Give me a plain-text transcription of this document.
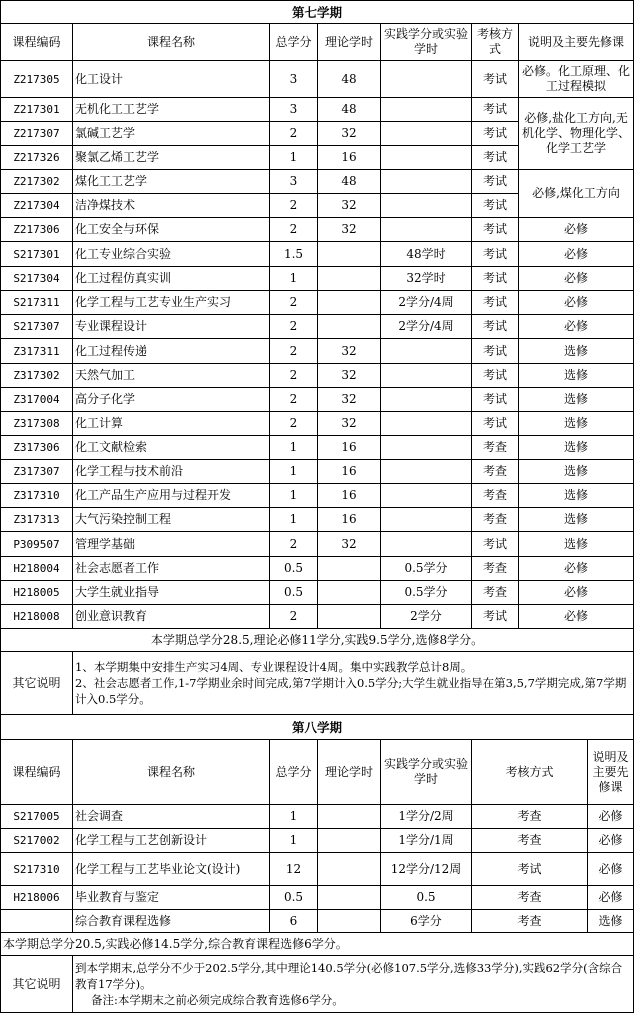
第七学期							
课程编码	课程名称	总学分	理论学时	实践学分或实验学时	考核方式	说明及主要先修课	
Z217305	化工设计	3	48		考试	必修。化工原理、化工过程模拟	
Z217301	无机化工工艺学	3	48		考试	必修,盐化工方向,无机化学、物理化学、化学工艺学	
Z217307	氯碱工艺学	2	32		考试		
Z217326	聚氯乙烯工艺学	1	16		考试		
Z217302	煤化工工艺学	3	48		考试	必修,煤化工方向	
Z217304	洁净煤技术	2	32		考试		
Z217306	化工安全与环保	2	32		考试	必修	
S217301	化工专业综合实验	1.5		48学时	考试	必修	
S217304	化工过程仿真实训	1		32学时	考试	必修	
S217311	化学工程与工艺专业生产实习	2		2学分/4周	考试	必修	
S217307	专业课程设计	2		2学分/4周	考试	必修	
Z317311	化工过程传递	2	32		考试	选修	
Z317302	天然气加工	2	32		考试	选修	
Z317004	高分子化学	2	32		考试	选修	
Z317308	化工计算	2	32		考试	选修	
Z317306	化工文献检索	1	16		考查	选修	
Z317307	化学工程与技术前沿	1	16		考查	选修	
Z317310	化工产品生产应用与过程开发	1	16		考查	选修	
Z317313	大气污染控制工程	1	16		考查	选修	
P309507	管理学基础	2	32		考试	选修	
H218004	社会志愿者工作	0.5		0.5学分	考查	必修	
H218005	大学生就业指导	0.5		0.5学分	考查	必修	
H218008	创业意识教育	2		2学分	考试	必修	
本学期总学分28.5,理论必修11学分,实践9.5学分,选修8学分。							
其它说明	1、本学期集中安排生产实习4周、专业课程设计4周。集中实践教学总计8周。
2、社会志愿者工作,1-7学期业余时间完成,第7学期计入0.5学分;大学生就业指导在第3,5,7学期完成,第7学期计入0.5学分。						

第八学期							
课程编码	课程名称	总学分	理论学时	实践学分或实验学时	考核方式		说明及主要先修课
S217005	社会调查	1		1学分/2周	考查		必修
S217002	化学工程与工艺创新设计	1		1学分/1周	考查		必修
S217310	化学工程与工艺毕业论文(设计)	12		12学分/12周	考试		必修
H218006	毕业教育与鉴定	0.5		0.5	考查		必修
	综合教育课程选修	6		6学分	考查		选修
本学期总学分20.5,实践必修14.5学分,综合教育课程选修6学分。							
其它说明	到本学期末,总学分不少于202.5学分,其中理论140.5学分(必修107.5学分,选修33学分),实践62学分(含综合教育17学分)。
备注:本学期末之前必须完成综合教育选修6学分。						
